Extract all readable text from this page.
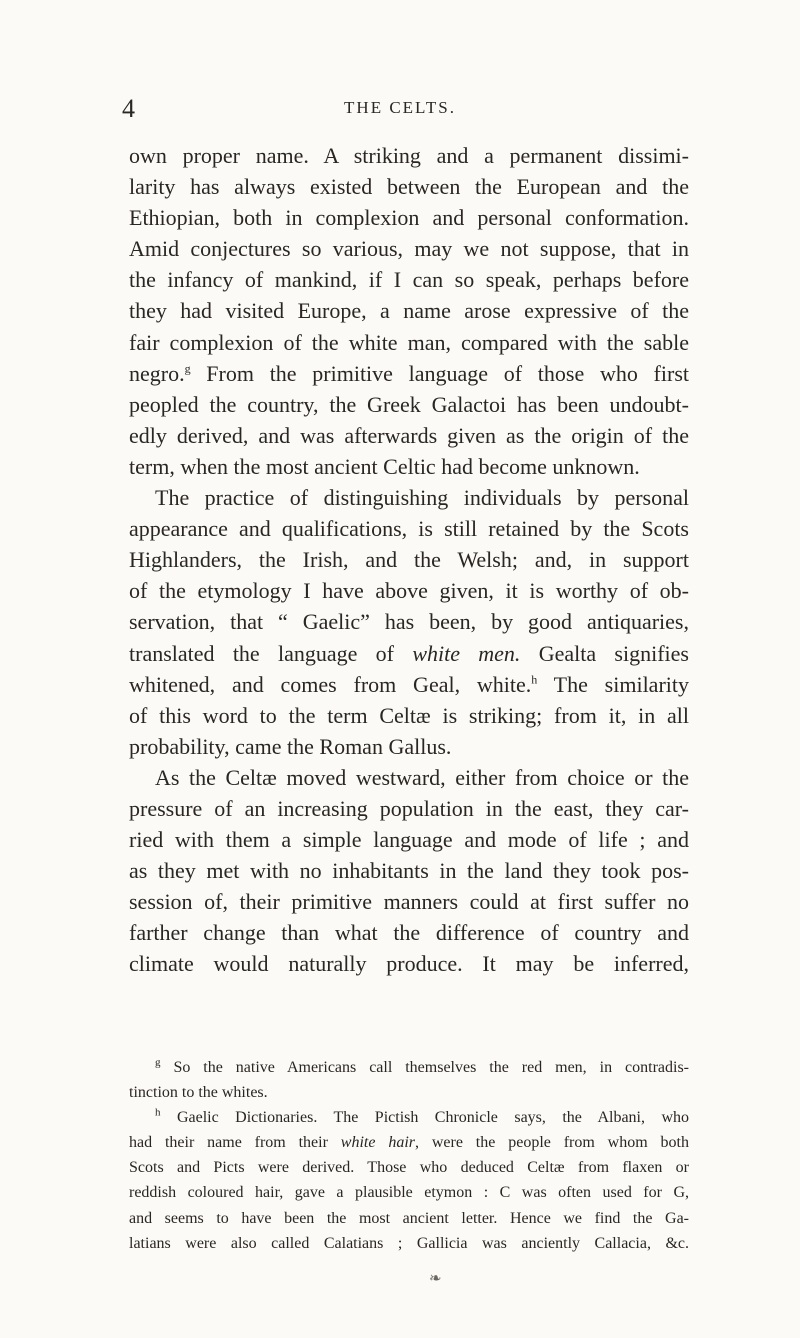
4	THE CELTS.
own proper name. A striking and a permanent dissimi-
larity has always existed between the European and the
Ethiopian, both in complexion and personal conformation.
Amid conjectures so various, may we not suppose, that in
the infancy of mankind, if I can so speak, perhaps before
they had visited Europe, a name arose expressive of the
fair complexion of the white man, compared with the sable
negro.$^g$ From the primitive language of those who first
peopled the country, the Greek Galactoi has been undoubt-
edly derived, and was afterwards given as the origin of the
term, when the most ancient Celtic had become unknown.
The practice of distinguishing individuals by personal
appearance and qualifications, is still retained by the Scots
Highlanders, the Irish, and the Welsh; and, in support
of the etymology I have above given, it is worthy of ob-
servation, that “ Gaelic” has been, by good antiquaries,
translated the language of white men. Gealta signifies
whitened, and comes from Geal, white.$^h$ The similarity
of this word to the term Celtæ is striking; from it, in all
probability, came the Roman Gallus.
As the Celtæ moved westward, either from choice or the
pressure of an increasing population in the east, they car-
ried with them a simple language and mode of life ; and
as they met with no inhabitants in the land they took pos-
session of, their primitive manners could at first suffer no
farther change than what the difference of country and
climate would naturally produce. It may be inferred,
$^g$ So the native Americans call themselves the red men, in contradis-
tinction to the whites.
$^h$ Gaelic Dictionaries. The Pictish Chronicle says, the Albani, who
had their name from their white hair, were the people from whom both
Scots and Picts were derived. Those who deduced Celtæ from flaxen or
reddish coloured hair, gave a plausible etymon : C was often used for G,
and seems to have been the most ancient letter. Hence we find the Ga-
latians were also called Calatians ; Gallicia was anciently Callacia, &c.
❧
